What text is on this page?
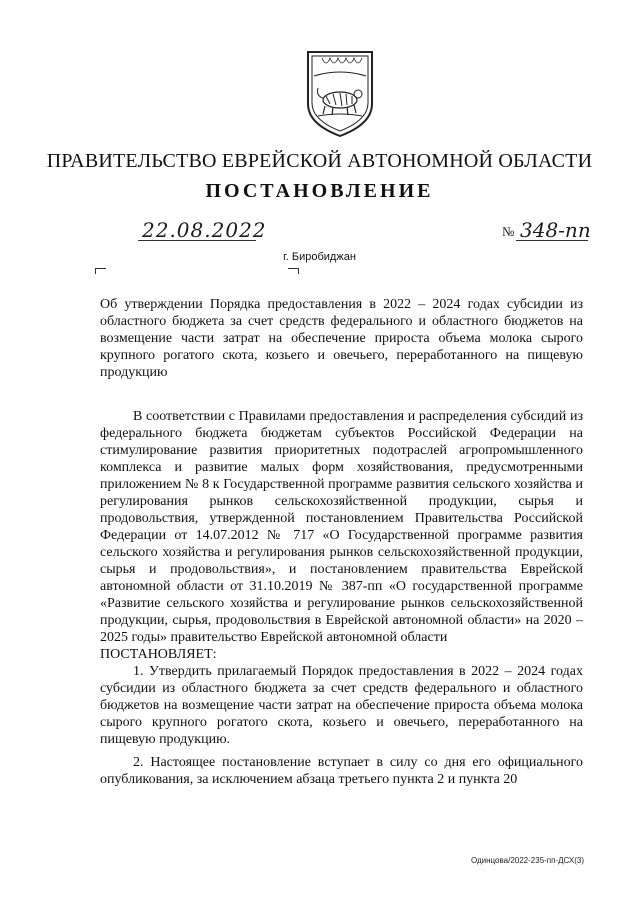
ПРАВИТЕЛЬСТВО ЕВРЕЙСКОЙ АВТОНОМНОЙ ОБЛАСТИ
ПОСТАНОВЛЕНИЕ
22.08.2022	№ 348-пп
г. Биробиджан
Об утверждении Порядка предоставления в 2022 – 2024 годах субсидии из областного бюджета за счет средств федерального и областного бюджетов на возмещение части затрат на обеспечение прироста объема молока сырого крупного рогатого скота, козьего и овечьего, переработанного на пищевую продукцию

В соответствии с Правилами предоставления и распределения субсидий из федерального бюджета бюджетам субъектов Российской Федерации на стимулирование развития приоритетных подотраслей агропромышленного комплекса и развитие малых форм хозяйствования, предусмотренными приложением № 8 к Государственной программе развития сельского хозяйства и регулирования рынков сельскохозяйственной продукции, сырья и продовольствия, утвержденной постановлением Правительства Российской Федерации от 14.07.2012 № 717 «О Государственной программе развития сельского хозяйства и регулирования рынков сельскохозяйственной продукции, сырья и продовольствия», и постановлением правительства Еврейской автономной области от 31.10.2019 № 387-пп «О государственной программе «Развитие сельского хозяйства и регулирование рынков сельскохозяйственной продукции, сырья, продовольствия в Еврейской автономной области» на 2020 – 2025 годы» правительство Еврейской автономной области

ПОСТАНОВЛЯЕТ:

1. Утвердить прилагаемый Порядок предоставления в 2022 – 2024 годах субсидии из областного бюджета за счет средств федерального и областного бюджетов на возмещение части затрат на обеспечение прироста объема молока сырого крупного рогатого скота, козьего и овечьего, переработанного на пищевую продукцию.

2. Настоящее постановление вступает в силу со дня его официального опубликования, за исключением абзаца третьего пункта 2 и пункта 20

Одинцова/2022-235-пп-ДСХ(3)
